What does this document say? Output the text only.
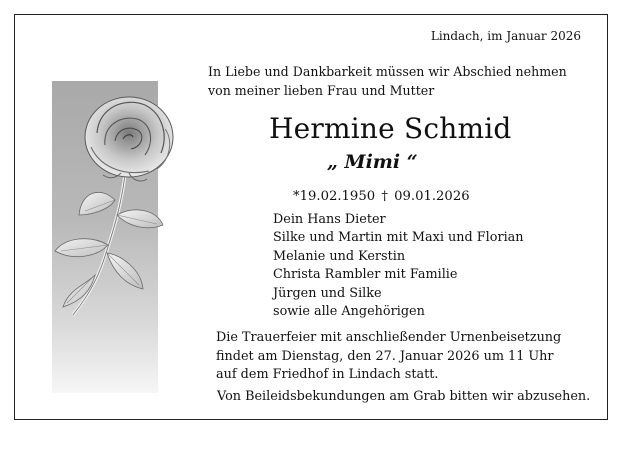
Lindach, im Januar 2026
In Liebe und Dankbarkeit müssen wir Abschied nehmen
von meiner lieben Frau und Mutter
Hermine Schmid
„ Mimi “
*19.02.1950 † 09.01.2026
Dein Hans Dieter
Silke und Martin mit Maxi und Florian
Melanie und Kerstin
Christa Rambler mit Familie
Jürgen und Silke
sowie alle Angehörigen
Die Trauerfeier mit anschließender Urnenbeisetzung
findet am Dienstag, den 27. Januar 2026 um 11 Uhr
auf dem Friedhof in Lindach statt.
Von Beileidsbekundungen am Grab bitten wir abzusehen.
